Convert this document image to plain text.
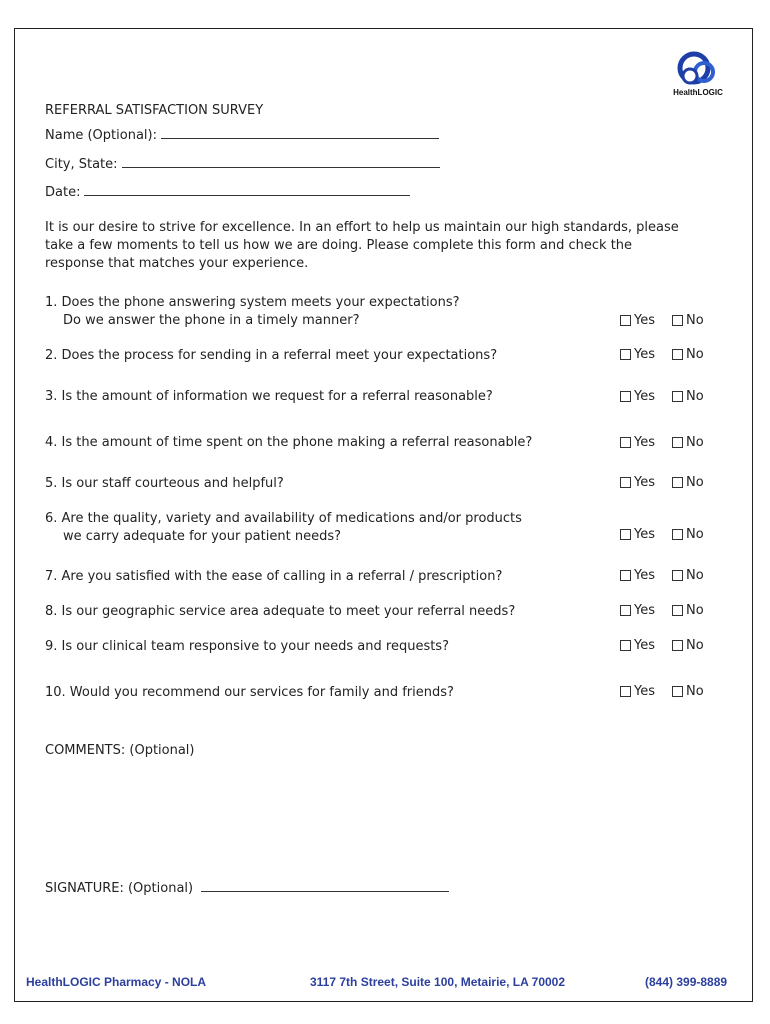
HealthLOGIC
REFERRAL SATISFACTION SURVEY
Name (Optional):
City, State:
Date:
It is our desire to strive for excellence. In an effort to help us maintain our high standards, please take a few moments to tell us how we are doing. Please complete this form and check the response that matches your experience.
1. Does the phone answering system meets your expectations?
Do we answer the phone in a timely manner?	Yes No
2. Does the process for sending in a referral meet your expectations?	Yes No
3. Is the amount of information we request for a referral reasonable?	Yes No
4. Is the amount of time spent on the phone making a referral reasonable?	Yes No
5. Is our staff courteous and helpful?	Yes No
6. Are the quality, variety and availability of medications and/or products
we carry adequate for your patient needs?	Yes No
7. Are you satisfied with the ease of calling in a referral / prescription?	Yes No
8. Is our geographic service area adequate to meet your referral needs?	Yes No
9. Is our clinical team responsive to your needs and requests?	Yes No
10. Would you recommend our services for family and friends?	Yes No
COMMENTS: (Optional)
SIGNATURE: (Optional)
HealthLOGIC Pharmacy - NOLA	3117 7th Street, Suite 100, Metairie, LA 70002	(844) 399-8889
